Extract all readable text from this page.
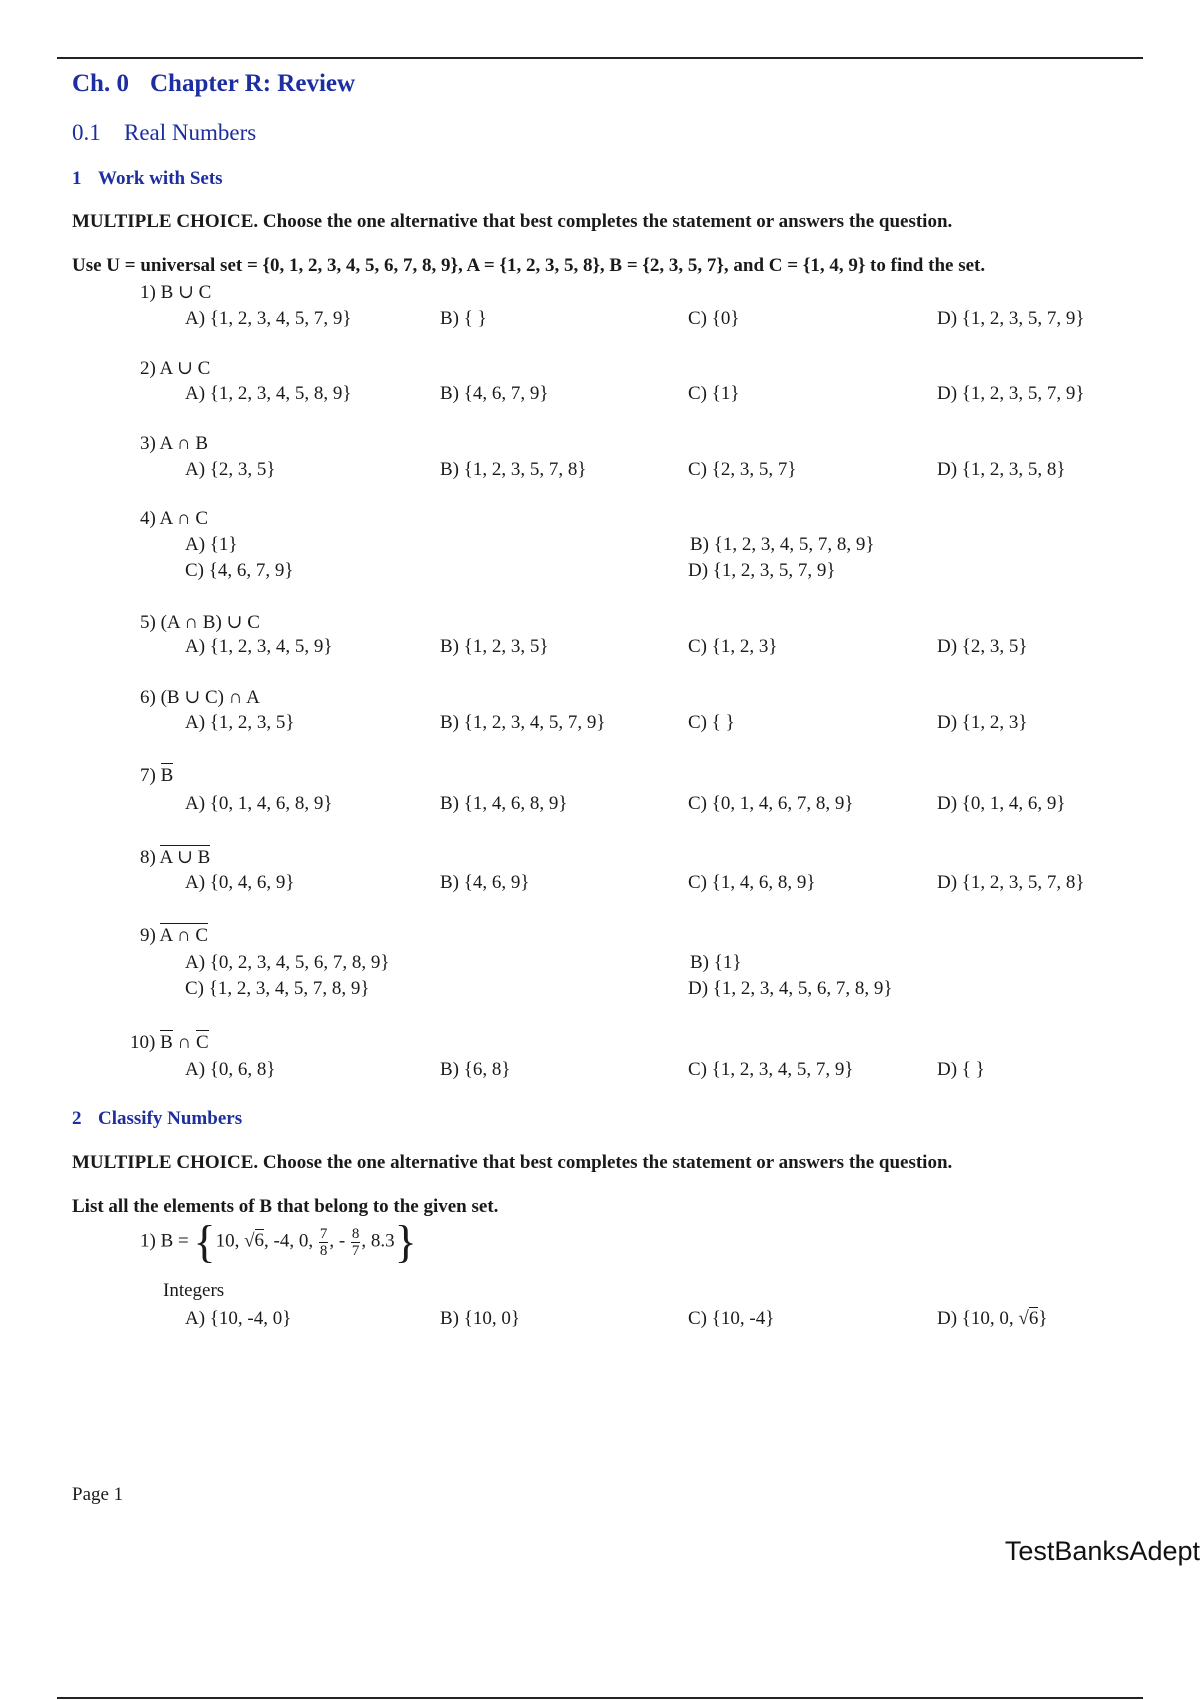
Ch. 0 Chapter R: Review
0.1 Real Numbers
1 Work with Sets
MULTIPLE CHOICE. Choose the one alternative that best completes the statement or answers the question.
Use U = universal set = {0, 1, 2, 3, 4, 5, 6, 7, 8, 9}, A = {1, 2, 3, 5, 8}, B = {2, 3, 5, 7}, and C = {1, 4, 9} to find the set.
1) B ∪ C
A) {1, 2, 3, 4, 5, 7, 9}	B) { }	C) {0}	D) {1, 2, 3, 5, 7, 9}
2) A ∪ C
A) {1, 2, 3, 4, 5, 8, 9}	B) {4, 6, 7, 9}	C) {1}	D) {1, 2, 3, 5, 7, 9}
3) A ∩ B
A) {2, 3, 5}	B) {1, 2, 3, 5, 7, 8}	C) {2, 3, 5, 7}	D) {1, 2, 3, 5, 8}
4) A ∩ C
A) {1}	B) {1, 2, 3, 4, 5, 7, 8, 9}
C) {4, 6, 7, 9}	D) {1, 2, 3, 5, 7, 9}
5) (A ∩ B) ∪ C
A) {1, 2, 3, 4, 5, 9}	B) {1, 2, 3, 5}	C) {1, 2, 3}	D) {2, 3, 5}
6) (B ∪ C) ∩ A
A) {1, 2, 3, 5}	B) {1, 2, 3, 4, 5, 7, 9}	C) { }	D) {1, 2, 3}
7) B
A) {0, 1, 4, 6, 8, 9}	B) {1, 4, 6, 8, 9}	C) {0, 1, 4, 6, 7, 8, 9}	D) {0, 1, 4, 6, 9}
8) A ∪ B
A) {0, 4, 6, 9}	B) {4, 6, 9}	C) {1, 4, 6, 8, 9}	D) {1, 2, 3, 5, 7, 8}
9) A ∩ C
A) {0, 2, 3, 4, 5, 6, 7, 8, 9}	B) {1}
C) {1, 2, 3, 4, 5, 7, 8, 9}	D) {1, 2, 3, 4, 5, 6, 7, 8, 9}
10) B ∩ C
A) {0, 6, 8}	B) {6, 8}	C) {1, 2, 3, 4, 5, 7, 9}	D) { }
2 Classify Numbers
MULTIPLE CHOICE. Choose the one alternative that best completes the statement or answers the question.
List all the elements of B that belong to the given set.
1) B = {10, √6, -4, 0, $\frac{7}{8}$ , - $\frac{8}{7}$ , 8.3}
Integers
A) {10, -4, 0}	B) {10, 0}	C) {10, -4}	D) {10, 0, √6}
Page 1
TestBanksAdept
